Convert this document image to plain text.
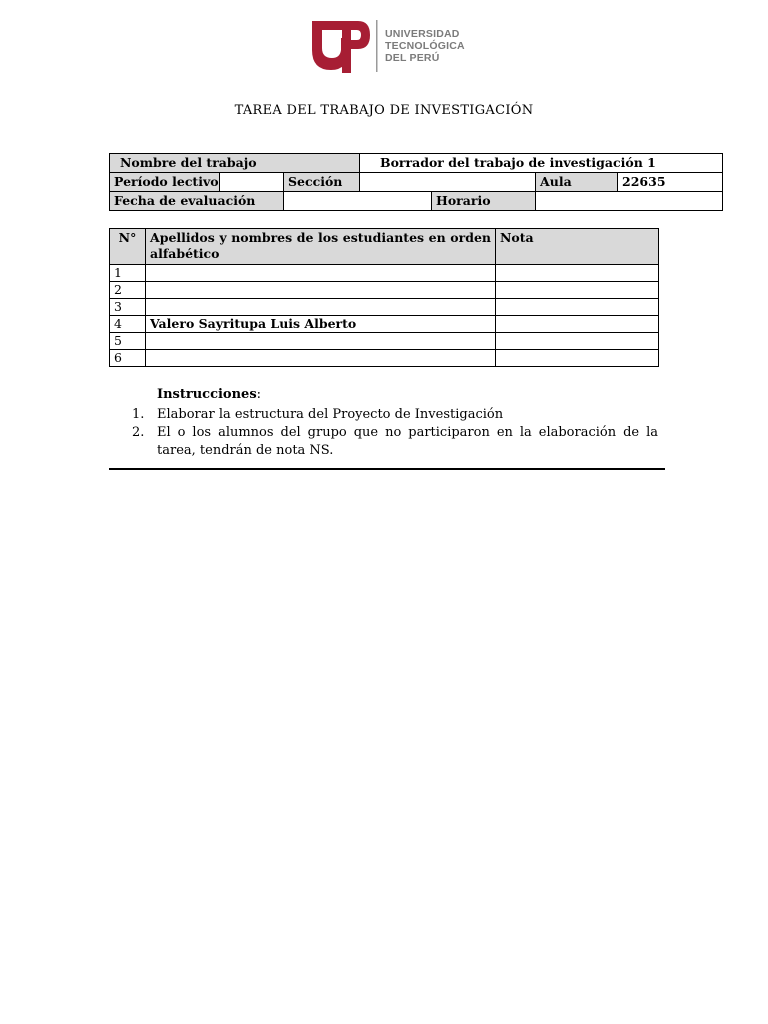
UNIVERSIDAD
TECNOLÓGICA
DEL PERÚ
TAREA DEL TRABAJO DE INVESTIGACIÓN
Nombre del trabajo			Borrador del trabajo de investigación 1			
Período lectivo		Sección			Aula	22635
Fecha de evaluación				Horario		
N°	Apellidos y nombres de los estudiantes en orden alfabético	Nota
1		
2		
3		
4	Valero Sayritupa Luis Alberto	
5		
6		
Instrucciones:
1. Elaborar la estructura del Proyecto de Investigación
2. El o los alumnos del grupo que no participaron en la elaboración de la tarea, tendrán de nota NS.
